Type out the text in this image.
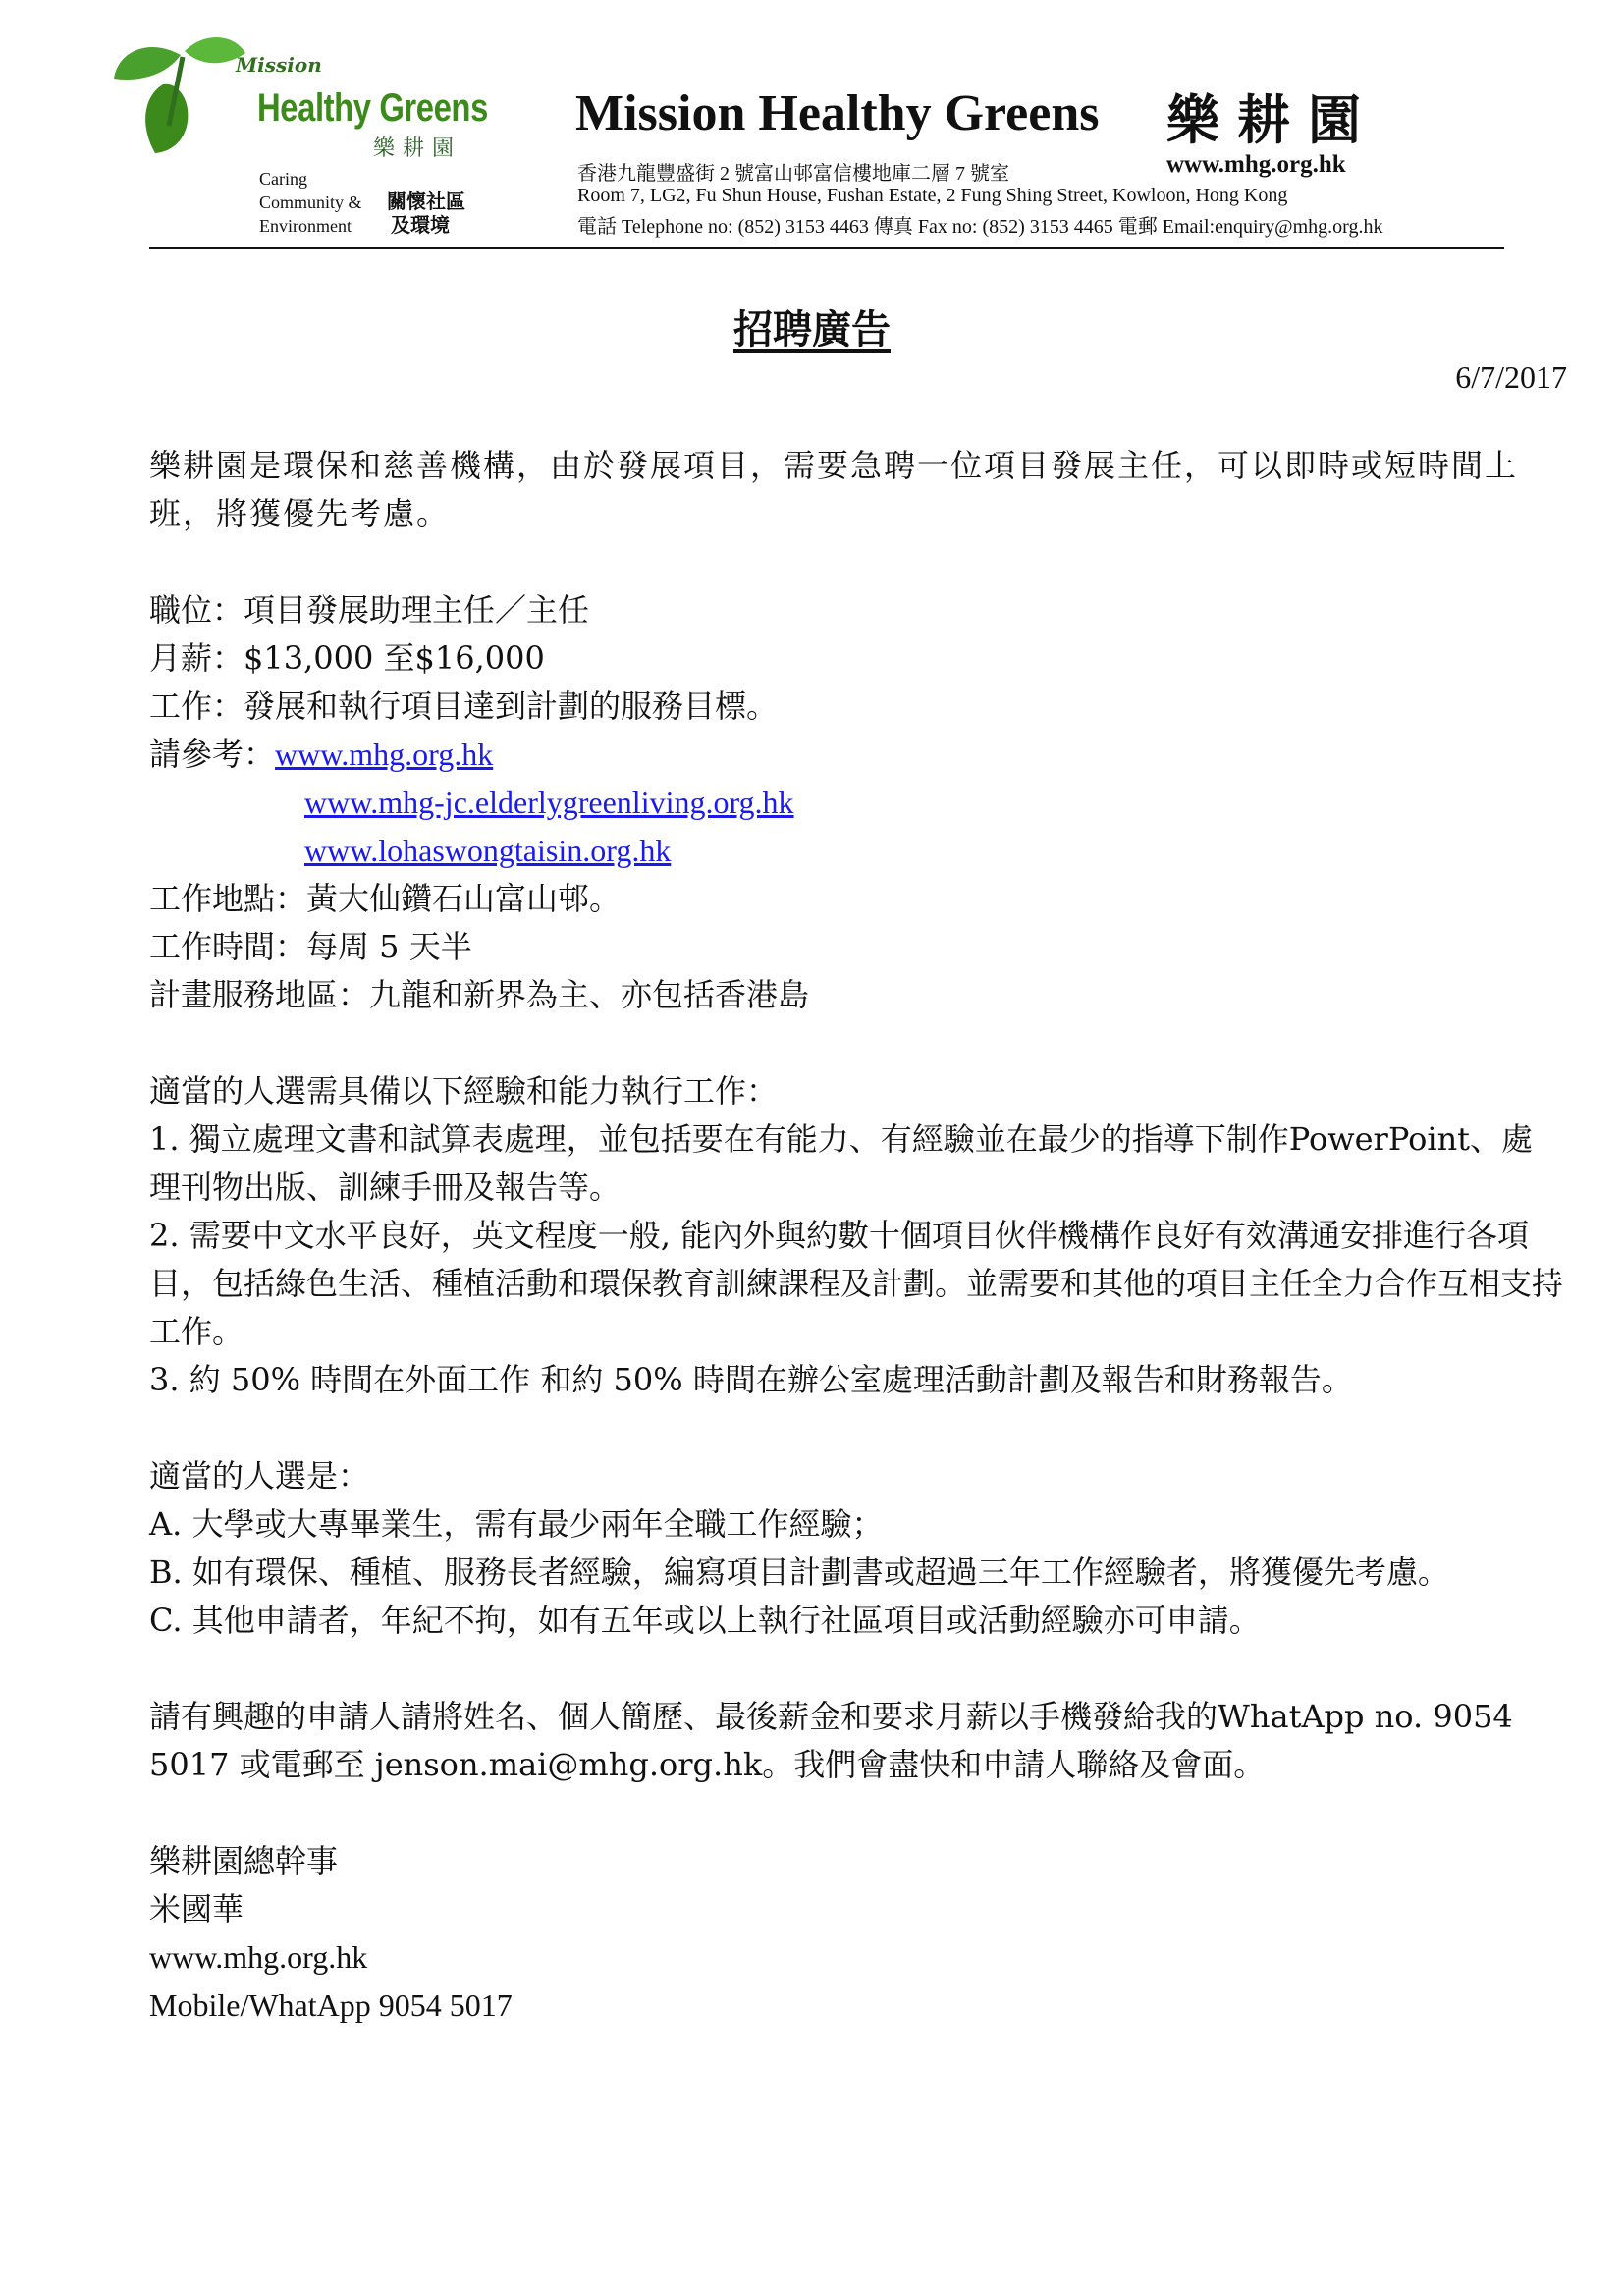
Mission
Healthy Greens
樂耕園
Caring
Community &
Environment
關懷社區
及環境
Mission Healthy Greens 樂耕園
香港九龍豐盛街 2 號富山邨富信樓地庫二層 7 號室	www.mhg.org.hk
Room 7, LG2, Fu Shun House, Fushan Estate, 2 Fung Shing Street, Kowloon, Hong Kong
電話 Telephone no: (852) 3153 4463 傳真 Fax no: (852) 3153 4465 電郵 Email:enquiry@mhg.org.hk
招聘廣告
6/7/2017

樂耕園是環保和慈善機構，由於發展項目，需要急聘一位項目發展主任，可以即時或短時間上班，將獲優先考慮。

職位：項目發展助理主任／主任

月薪：$13,000 至$16,000

工作：發展和執行項目達到計劃的服務目標。

請參考：www.mhg.org.hk

www.mhg-jc.elderlygreenliving.org.hk

www.lohaswongtaisin.org.hk

工作地點：黃大仙鑽石山富山邨。

工作時間：每周 5 天半

計畫服務地區：九龍和新界為主、亦包括香港島

適當的人選需具備以下經驗和能力執行工作：

1. 獨立處理文書和試算表處理，並包括要在有能力、有經驗並在最少的指導下制作PowerPoint、處理刊物出版、訓練手冊及報告等。

2. 需要中文水平良好，英文程度一般, 能內外與約數十個項目伙伴機構作良好有效溝通安排進行各項目，包括綠色生活、種植活動和環保教育訓練課程及計劃。並需要和其他的項目主任全力合作互相支持工作。

3. 約 50% 時間在外面工作 和約 50% 時間在辦公室處理活動計劃及報告和財務報告。

適當的人選是：

A. 大學或大專畢業生，需有最少兩年全職工作經驗；

B. 如有環保、種植、服務長者經驗，編寫項目計劃書或超過三年工作經驗者，將獲優先考慮。

C. 其他申請者，年紀不拘，如有五年或以上執行社區項目或活動經驗亦可申請。

請有興趣的申請人請將姓名、個人簡歷、最後薪金和要求月薪以手機發給我的WhatApp no. 9054 5017 或電郵至 jenson.mai@mhg.org.hk。我們會盡快和申請人聯絡及會面。

樂耕園總幹事

米國華

www.mhg.org.hk

Mobile/WhatApp 9054 5017
